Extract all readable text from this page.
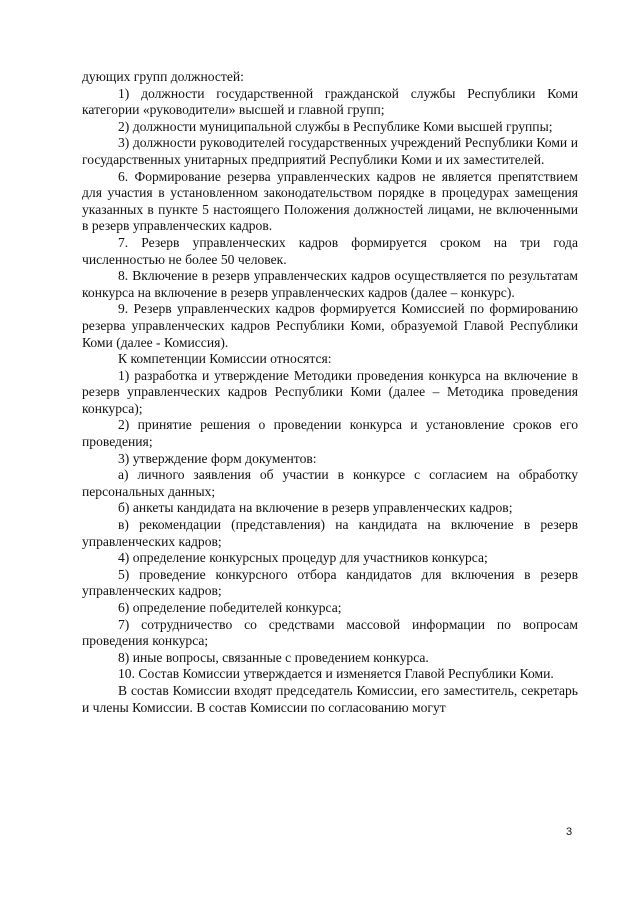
дующих групп должностей:

1) должности государственной гражданской службы Республики Коми категории «руководители» высшей и главной групп;

2) должности муниципальной службы в Республике Коми высшей группы;

3) должности руководителей государственных учреждений Республики Коми и государственных унитарных предприятий Республики Коми и их заместителей.

6. Формирование резерва управленческих кадров не является препятствием для участия в установленном законодательством порядке в процедурах замещения указанных в пункте 5 настоящего Положения должностей лицами, не включенными в резерв управленческих кадров.

7. Резерв управленческих кадров формируется сроком на три года численностью не более 50 человек.

8. Включение в резерв управленческих кадров осуществляется по результатам конкурса на включение в резерв управленческих кадров (далее – конкурс).

9. Резерв управленческих кадров формируется Комиссией по формированию резерва управленческих кадров Республики Коми, образуемой Главой Республики Коми (далее - Комиссия).

К компетенции Комиссии относятся:

1) разработка и утверждение Методики проведения конкурса на включение в резерв управленческих кадров Республики Коми (далее – Методика проведения конкурса);

2) принятие решения о проведении конкурса и установление сроков его проведения;

3) утверждение форм документов:

а) личного заявления об участии в конкурсе с согласием на обработку персональных данных;

б) анкеты кандидата на включение в резерв управленческих кадров;

в) рекомендации (представления) на кандидата на включение в резерв управленческих кадров;

4) определение конкурсных процедур для участников конкурса;

5) проведение конкурсного отбора кандидатов для включения в резерв управленческих кадров;

6) определение победителей конкурса;

7) сотрудничество со средствами массовой информации по вопросам проведения конкурса;

8) иные вопросы, связанные с проведением конкурса.

10. Состав Комиссии утверждается и изменяется Главой Республики Коми.

В состав Комиссии входят председатель Комиссии, его заместитель, секретарь и члены Комиссии. В состав Комиссии по согласованию могут

3
